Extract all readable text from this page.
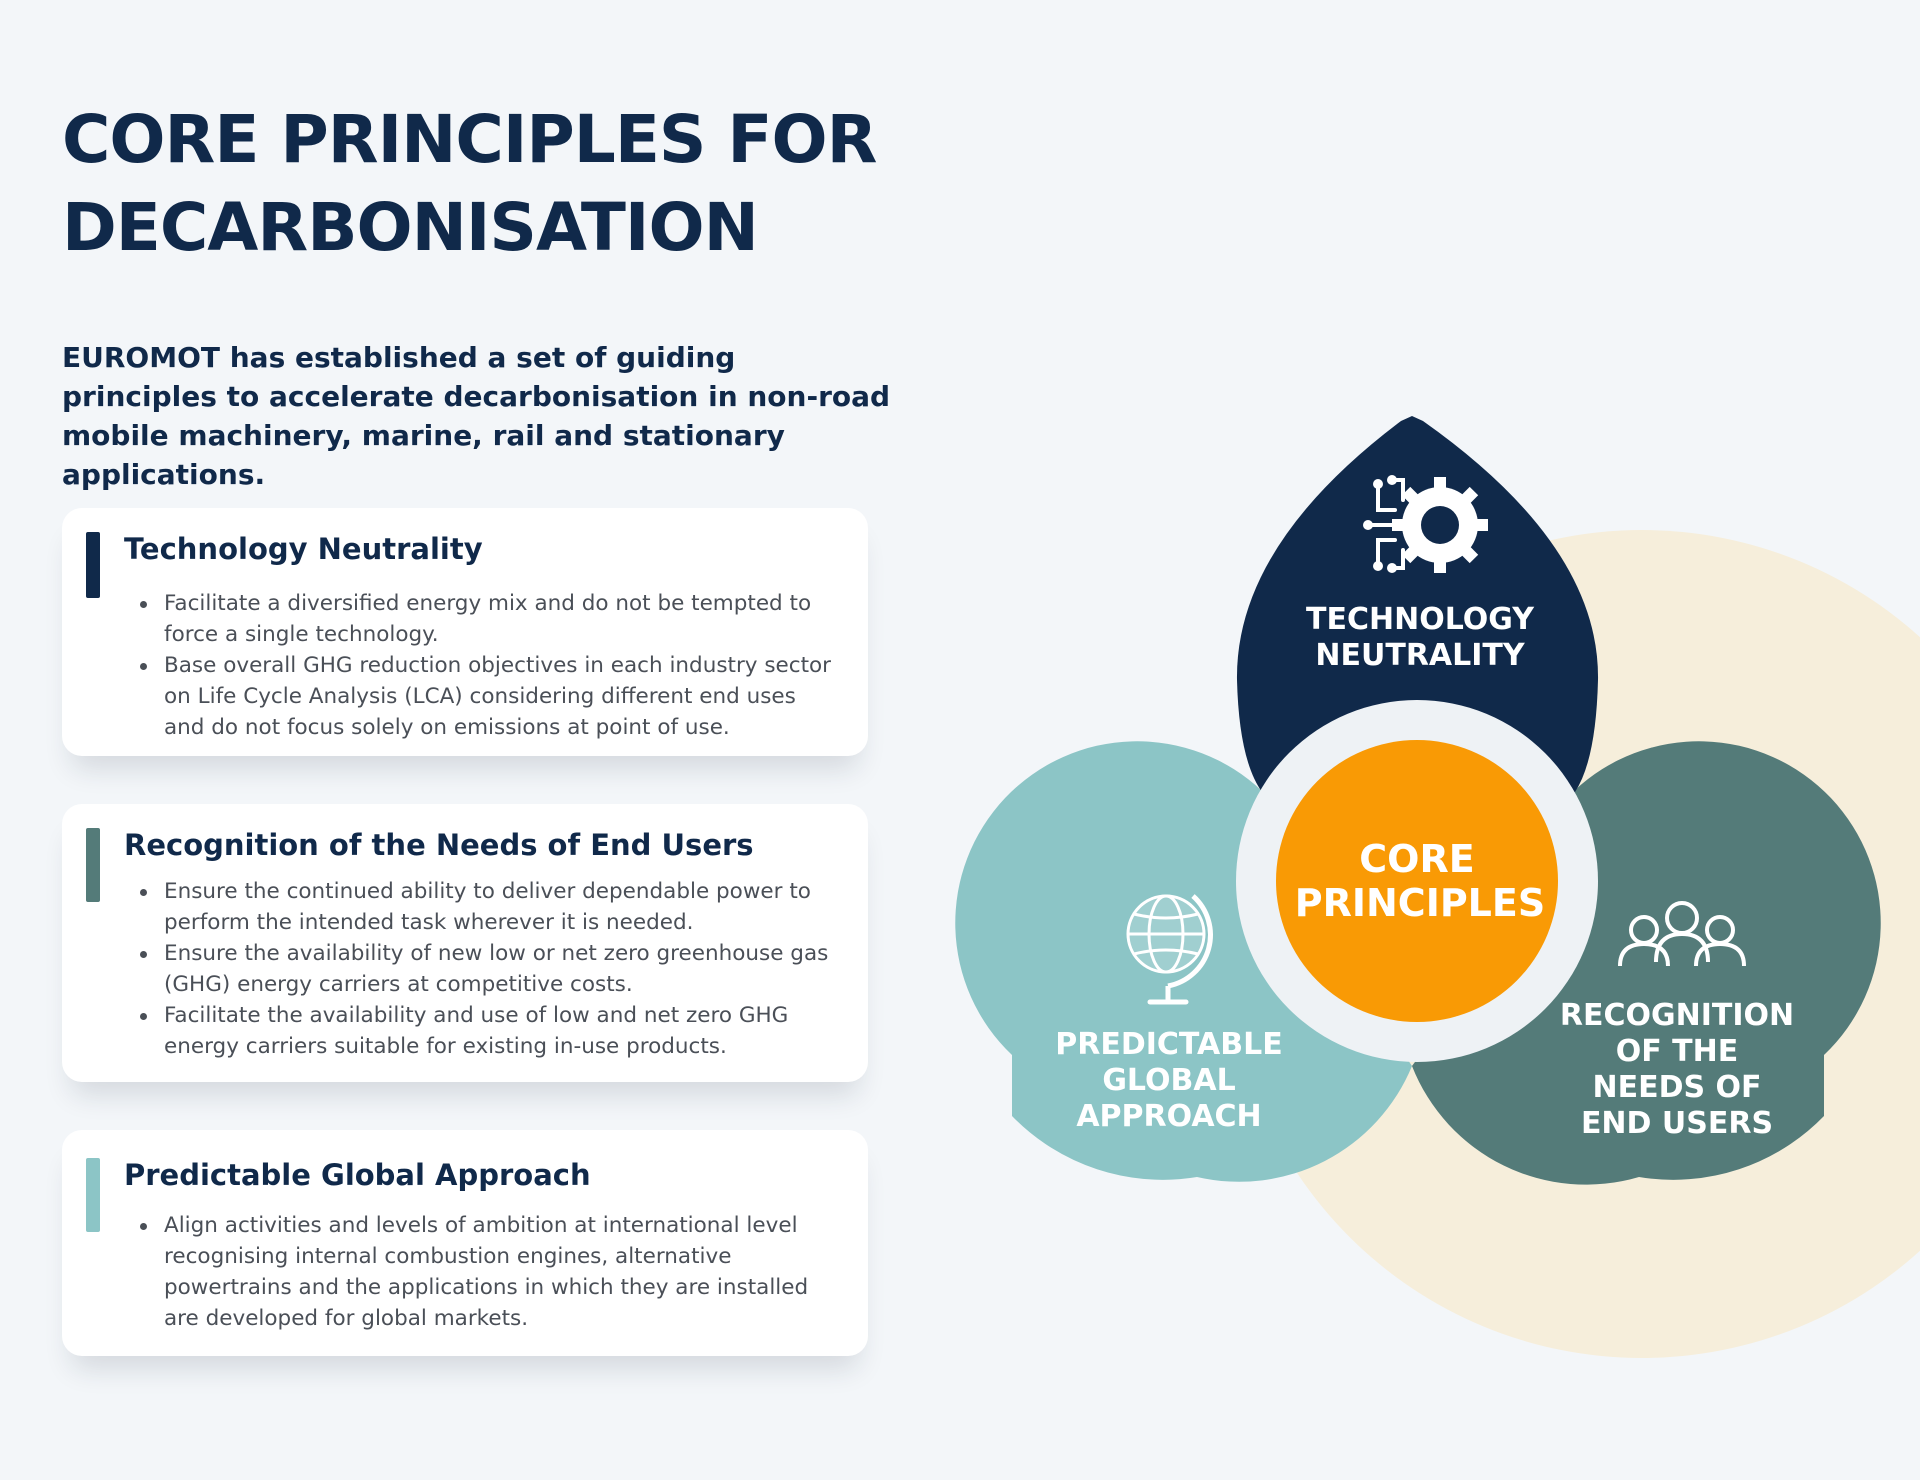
CORE PRINCIPLES FOR
DECARBONISATION

EUROMOT has established a set of guiding principles to accelerate decarbonisation in non-road mobile machinery, marine, rail and stationary applications.

Technology Neutrality
Facilitate a diversified energy mix and do not be tempted to force a single technology.
Base overall GHG reduction objectives in each industry sector on Life Cycle Analysis (LCA) considering different end uses and do not focus solely on emissions at point of use.
Recognition of the Needs of End Users
Ensure the continued ability to deliver dependable power to perform the intended task wherever it is needed.
Ensure the availability of new low or net zero greenhouse gas (GHG) energy carriers at competitive costs.
Facilitate the availability and use of low and net zero GHG energy carriers suitable for existing in-use products.
Predictable Global Approach
Align activities and levels of ambition at international level recognising internal combustion engines, alternative powertrains and the applications in which they are installed are developed for global markets.
TECHNOLOGY
NEUTRALITY
CORE
PRINCIPLES
PREDICTABLE
GLOBAL
APPROACH
RECOGNITION
OF THE
NEEDS OF
END USERS
